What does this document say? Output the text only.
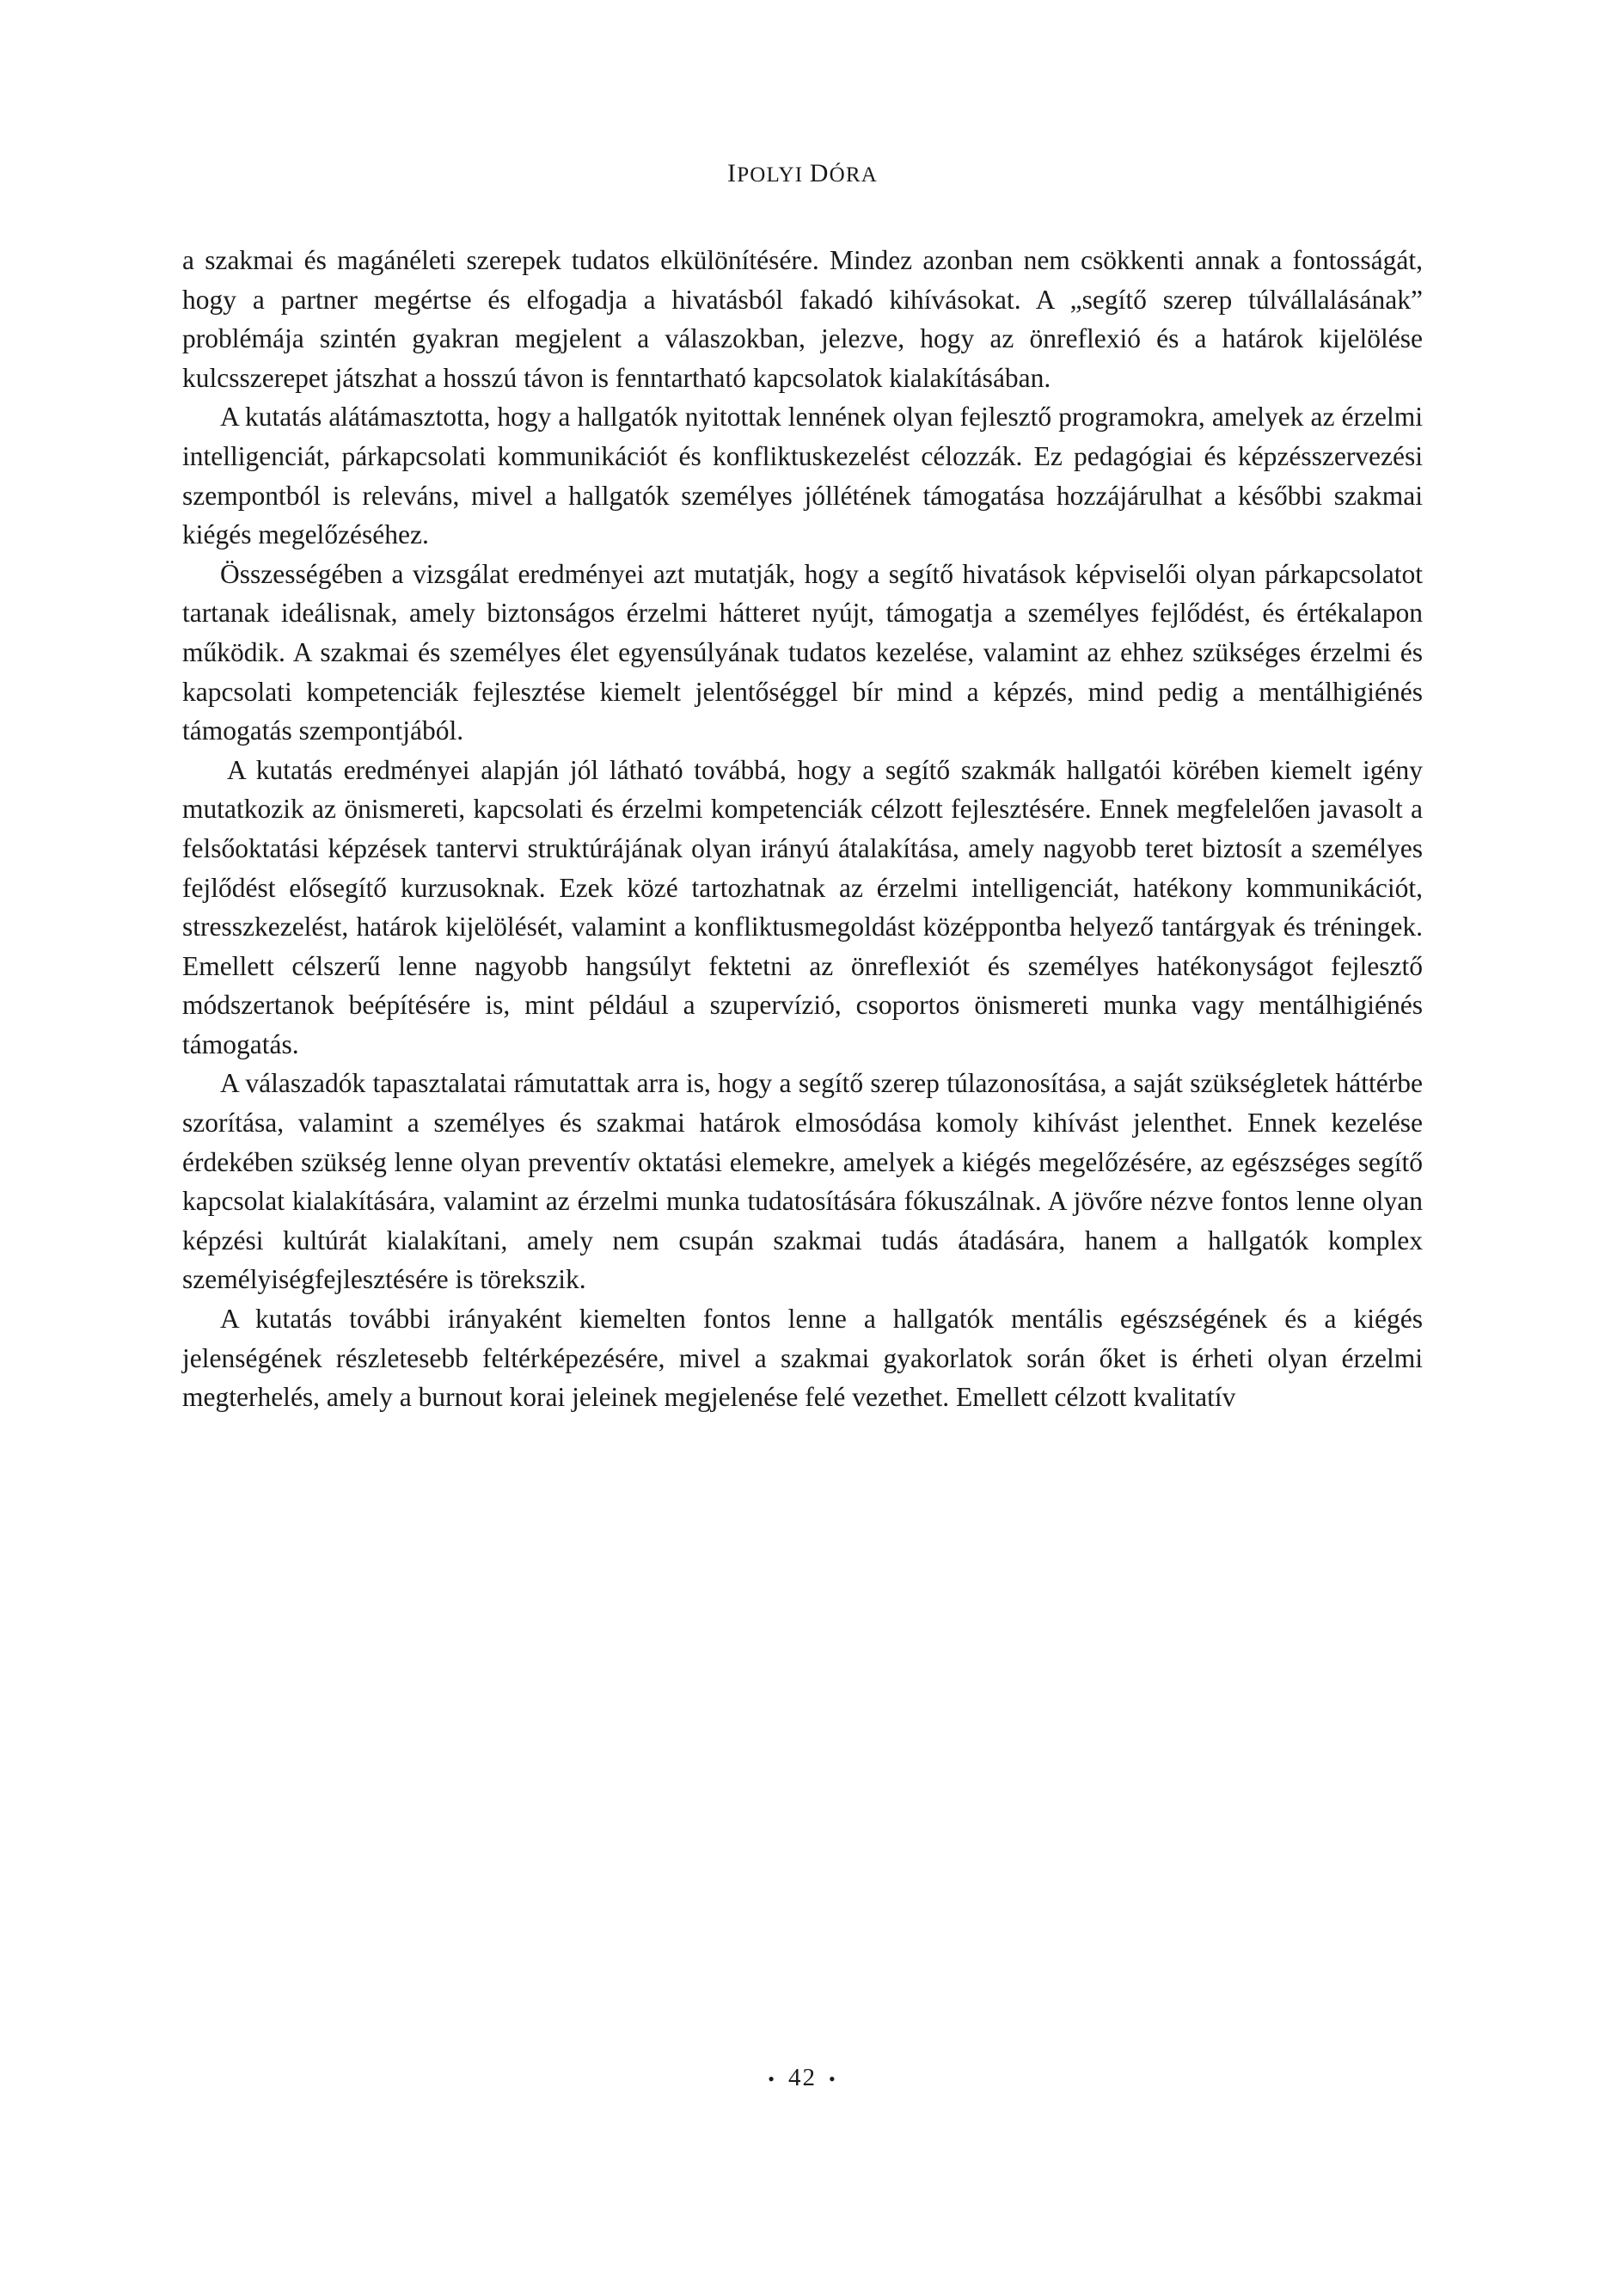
IPOLYI DÓRA

a szakmai és magánéleti szerepek tudatos elkülönítésére. Mindez azonban nem csökkenti annak a fontosságát, hogy a partner megértse és elfogadja a hivatásból fakadó kihívásokat. A „segítő szerep túlvállalásának” problémája szintén gyakran megjelent a válaszokban, jelezve, hogy az önreflexió és a határok kijelölése kulcsszerepet játszhat a hosszú távon is fenntartható kapcsolatok kialakításában.

A kutatás alátámasztotta, hogy a hallgatók nyitottak lennének olyan fejlesztő programokra, amelyek az érzelmi intelligenciát, párkapcsolati kommunikációt és konfliktuskezelést célozzák. Ez pedagógiai és képzésszervezési szempontból is releváns, mivel a hallgatók személyes jóllétének támogatása hozzájárulhat a későbbi szakmai kiégés megelőzéséhez.

Összességében a vizsgálat eredményei azt mutatják, hogy a segítő hivatások képviselői olyan párkapcsolatot tartanak ideálisnak, amely biztonságos érzelmi hátteret nyújt, támogatja a személyes fejlődést, és értékalapon működik. A szakmai és személyes élet egyensúlyának tudatos kezelése, valamint az ehhez szükséges érzelmi és kapcsolati kompetenciák fejlesztése kiemelt jelentőséggel bír mind a képzés, mind pedig a mentálhigiénés támogatás szempontjából.

A kutatás eredményei alapján jól látható továbbá, hogy a segítő szakmák hallgatói körében kiemelt igény mutatkozik az önismereti, kapcsolati és érzelmi kompetenciák célzott fejlesztésére. Ennek megfelelően javasolt a felsőoktatási képzések tantervi struktúrájának olyan irányú átalakítása, amely nagyobb teret biztosít a személyes fejlődést elősegítő kurzusoknak. Ezek közé tartozhatnak az érzelmi intelligenciát, hatékony kommunikációt, stresszkezelést, határok kijelölését, valamint a konfliktusmegoldást középpontba helyező tantárgyak és tréningek. Emellett célszerű lenne nagyobb hangsúlyt fektetni az önreflexiót és személyes hatékonyságot fejlesztő módszertanok beépítésére is, mint például a szupervízió, csoportos önismereti munka vagy mentálhigiénés támogatás.

A válaszadók tapasztalatai rámutattak arra is, hogy a segítő szerep túlazonosítása, a saját szükségletek háttérbe szorítása, valamint a személyes és szakmai határok elmosódása komoly kihívást jelenthet. Ennek kezelése érdekében szükség lenne olyan preventív oktatási elemekre, amelyek a kiégés megelőzésére, az egészséges segítő kapcsolat kialakítására, valamint az érzelmi munka tudatosítására fókuszálnak. A jövőre nézve fontos lenne olyan képzési kultúrát kialakítani, amely nem csupán szakmai tudás átadására, hanem a hallgatók komplex személyiségfejlesztésére is törekszik.

A kutatás további irányaként kiemelten fontos lenne a hallgatók mentális egészségének és a kiégés jelenségének részletesebb feltérképezésére, mivel a szakmai gyakorlatok során őket is érheti olyan érzelmi megterhelés, amely a burnout korai jeleinek megjelenése felé vezethet. Emellett célzott kvalitatív

• 42 •
